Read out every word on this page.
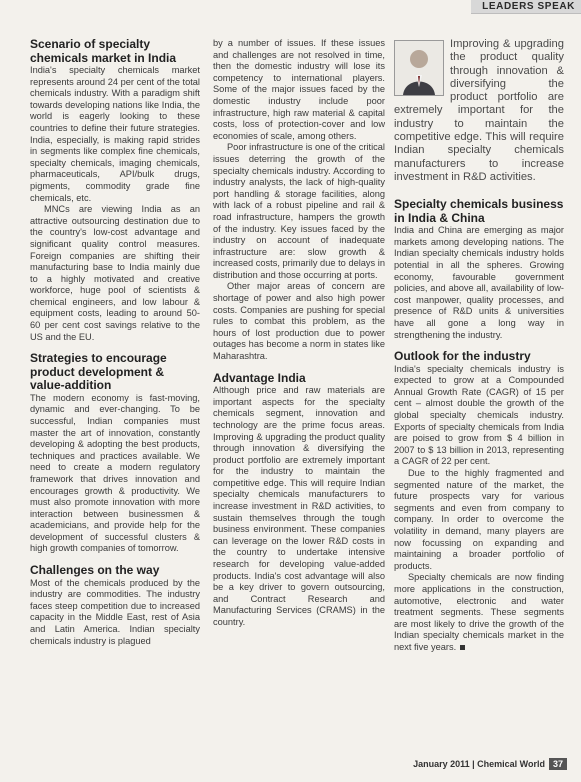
LEADERS SPEAK
Scenario of specialty chemicals market in India

India's specialty chemicals market represents around 24 per cent of the total chemicals industry. With a paradigm shift towards developing nations like India, the world is eagerly looking to these countries to define their future strategies. India, especially, is making rapid strides in segments like complex fine chemicals, specialty chemicals, imaging chemicals, pharmaceuticals, API/bulk drugs, pigments, commodity grade fine chemicals, etc.

MNCs are viewing India as an attractive outsourcing destination due to the country's low-cost advantage and significant quality control measures. Foreign companies are shifting their manufacturing base to India mainly due to a highly motivated and creative workforce, huge pool of scientists & chemical engineers, and low labour & equipment costs, leading to around 50-60 per cent cost savings relative to the US and the EU.

Strategies to encourage product development & value-addition

The modern economy is fast-moving, dynamic and ever-changing. To be successful, Indian companies must master the art of innovation, constantly developing & adopting the best products, techniques and practices available. We need to create a modern regulatory framework that drives innovation and encourages growth & productivity. We must also promote innovation with more interaction between businessmen & academicians, and provide help for the development of successful clusters & high growth companies of tomorrow.

Challenges on the way

Most of the chemicals produced by the industry are commodities. The industry faces steep competition due to increased capacity in the Middle East, rest of Asia and Latin America. Indian specialty chemicals industry is plagued

by a number of issues. If these issues and challenges are not resolved in time, then the domestic industry will lose its competency to international players. Some of the major issues faced by the domestic industry include poor infrastructure, high raw material & capital costs, loss of protection-cover and low economies of scale, among others.

Poor infrastructure is one of the critical issues deterring the growth of the specialty chemicals industry. According to industry analysts, the lack of high-quality port handling & storage facilities, along with lack of a robust pipeline and rail & road infrastructure, hampers the growth of the industry. Key issues faced by the industry on account of inadequate infrastructure are: slow growth & increased costs, primarily due to delays in distribution and those occurring at ports.

Other major areas of concern are shortage of power and also high power costs. Companies are pushing for special rules to combat this problem, as the hours of lost production due to power outages has become a norm in states like Maharashtra.

Advantage India

Although price and raw materials are important aspects for the specialty chemicals segment, innovation and technology are the prime focus areas. Improving & upgrading the product quality through innovation & diversifying the product portfolio are extremely important for the industry to maintain the competitive edge. This will require Indian specialty chemicals manufacturers to increase investment in R&D activities, to sustain themselves through the tough business environment. These companies can leverage on the lower R&D costs in the country to undertake intensive research for developing value-added products. India's cost advantage will also be a key driver to govern outsourcing, and Contract Research and Manufacturing Services (CRAMS) in the country.

Improving & upgrading the product quality through innovation & diversifying the product portfolio are extremely important for the industry to maintain the competitive edge. This will require Indian specialty chemicals manufacturers to increase investment in R&D activities.
Specialty chemicals business in India & China

India and China are emerging as major markets among developing nations. The Indian specialty chemicals industry holds potential in all the spheres. Growing economy, favourable government policies, and above all, availability of low-cost manpower, quality processes, and presence of R&D units & universities have all gone a long way in strengthening the industry.

Outlook for the industry

India's specialty chemicals industry is expected to grow at a Compounded Annual Growth Rate (CAGR) of 15 per cent – almost double the growth of the global specialty chemicals industry. Exports of specialty chemicals from India are poised to grow from $ 4 billion in 2007 to $ 13 billion in 2013, representing a CAGR of 22 per cent.

Due to the highly fragmented and segmented nature of the market, the future prospects vary for various segments and even from company to company. In order to overcome the volatility in demand, many players are now focussing on expanding and maintaining a broader portfolio of products.

Specialty chemicals are now finding more applications in the construction, automotive, electronic and water treatment segments. These segments are most likely to drive the growth of the Indian specialty chemicals market in the next five years.

January 2011 | Chemical World 37
